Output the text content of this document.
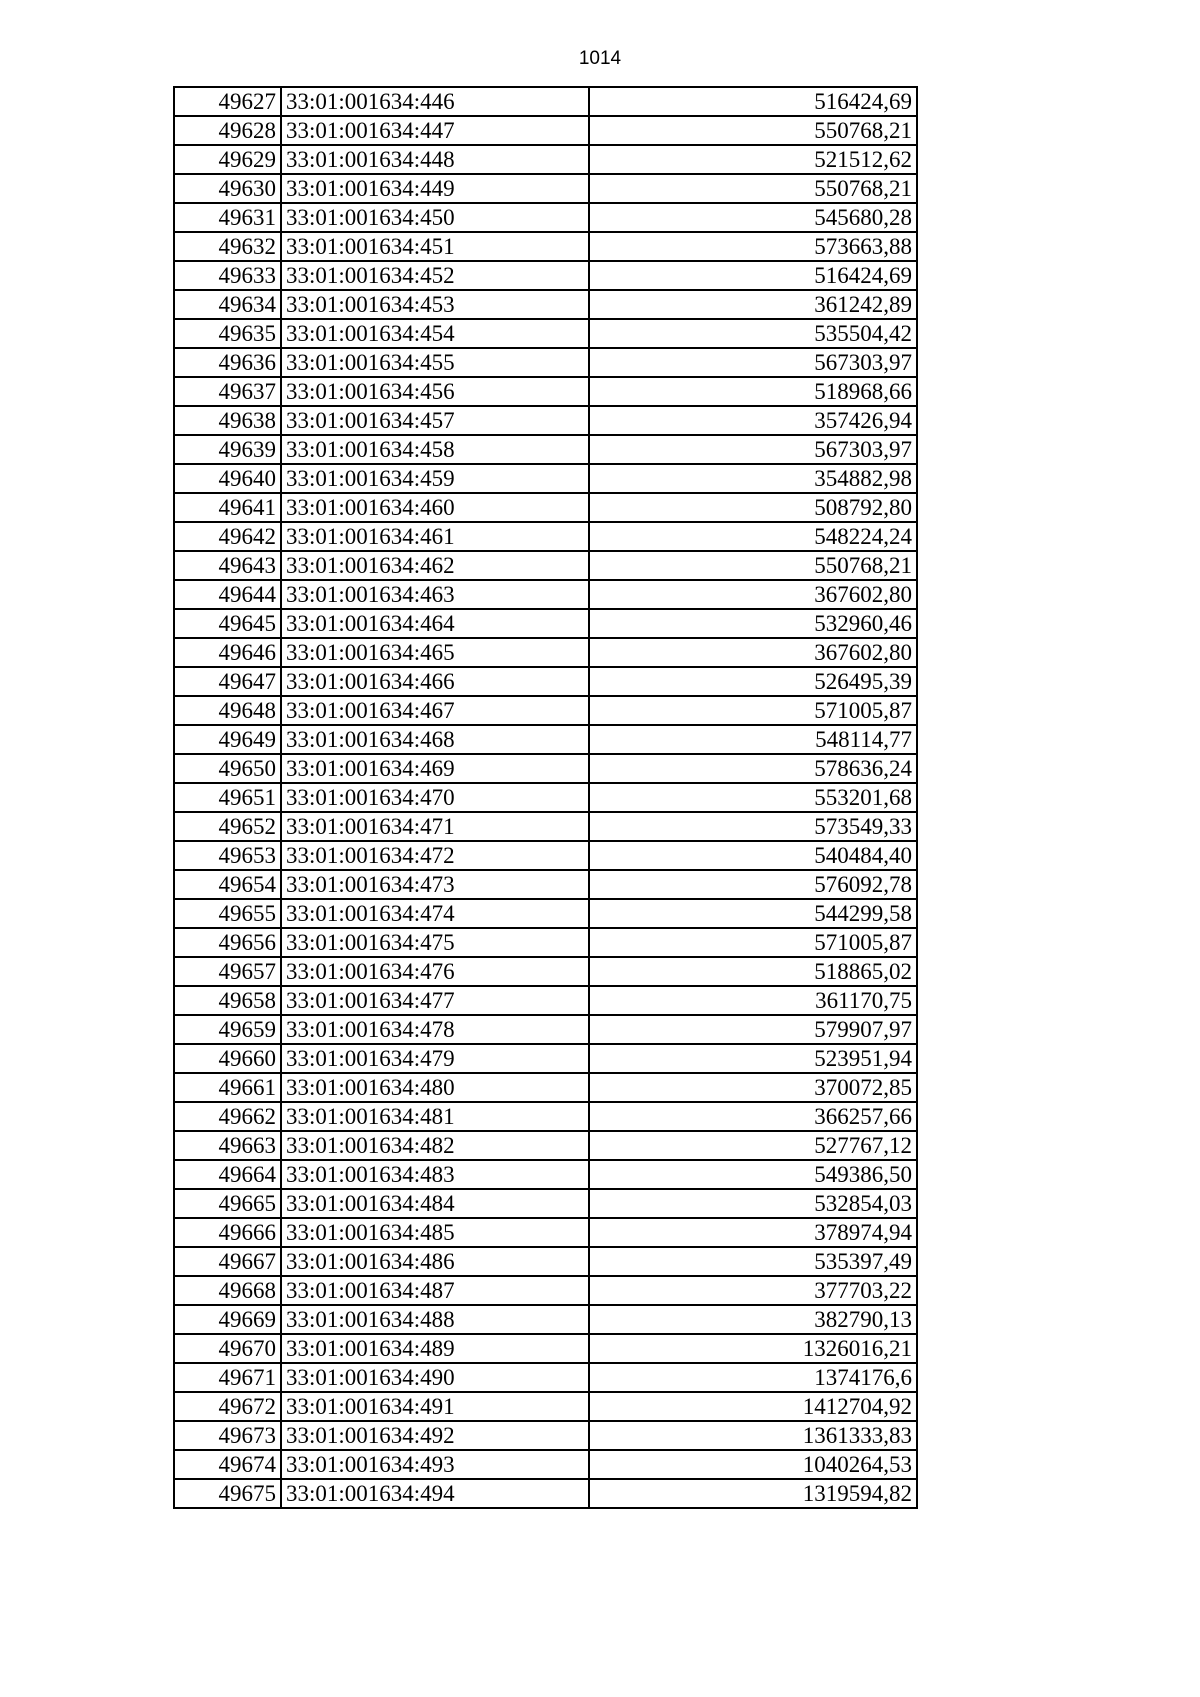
1014
49627	33:01:001634:446	516424,69
49628	33:01:001634:447	550768,21
49629	33:01:001634:448	521512,62
49630	33:01:001634:449	550768,21
49631	33:01:001634:450	545680,28
49632	33:01:001634:451	573663,88
49633	33:01:001634:452	516424,69
49634	33:01:001634:453	361242,89
49635	33:01:001634:454	535504,42
49636	33:01:001634:455	567303,97
49637	33:01:001634:456	518968,66
49638	33:01:001634:457	357426,94
49639	33:01:001634:458	567303,97
49640	33:01:001634:459	354882,98
49641	33:01:001634:460	508792,80
49642	33:01:001634:461	548224,24
49643	33:01:001634:462	550768,21
49644	33:01:001634:463	367602,80
49645	33:01:001634:464	532960,46
49646	33:01:001634:465	367602,80
49647	33:01:001634:466	526495,39
49648	33:01:001634:467	571005,87
49649	33:01:001634:468	548114,77
49650	33:01:001634:469	578636,24
49651	33:01:001634:470	553201,68
49652	33:01:001634:471	573549,33
49653	33:01:001634:472	540484,40
49654	33:01:001634:473	576092,78
49655	33:01:001634:474	544299,58
49656	33:01:001634:475	571005,87
49657	33:01:001634:476	518865,02
49658	33:01:001634:477	361170,75
49659	33:01:001634:478	579907,97
49660	33:01:001634:479	523951,94
49661	33:01:001634:480	370072,85
49662	33:01:001634:481	366257,66
49663	33:01:001634:482	527767,12
49664	33:01:001634:483	549386,50
49665	33:01:001634:484	532854,03
49666	33:01:001634:485	378974,94
49667	33:01:001634:486	535397,49
49668	33:01:001634:487	377703,22
49669	33:01:001634:488	382790,13
49670	33:01:001634:489	1326016,21
49671	33:01:001634:490	1374176,6
49672	33:01:001634:491	1412704,92
49673	33:01:001634:492	1361333,83
49674	33:01:001634:493	1040264,53
49675	33:01:001634:494	1319594,82
